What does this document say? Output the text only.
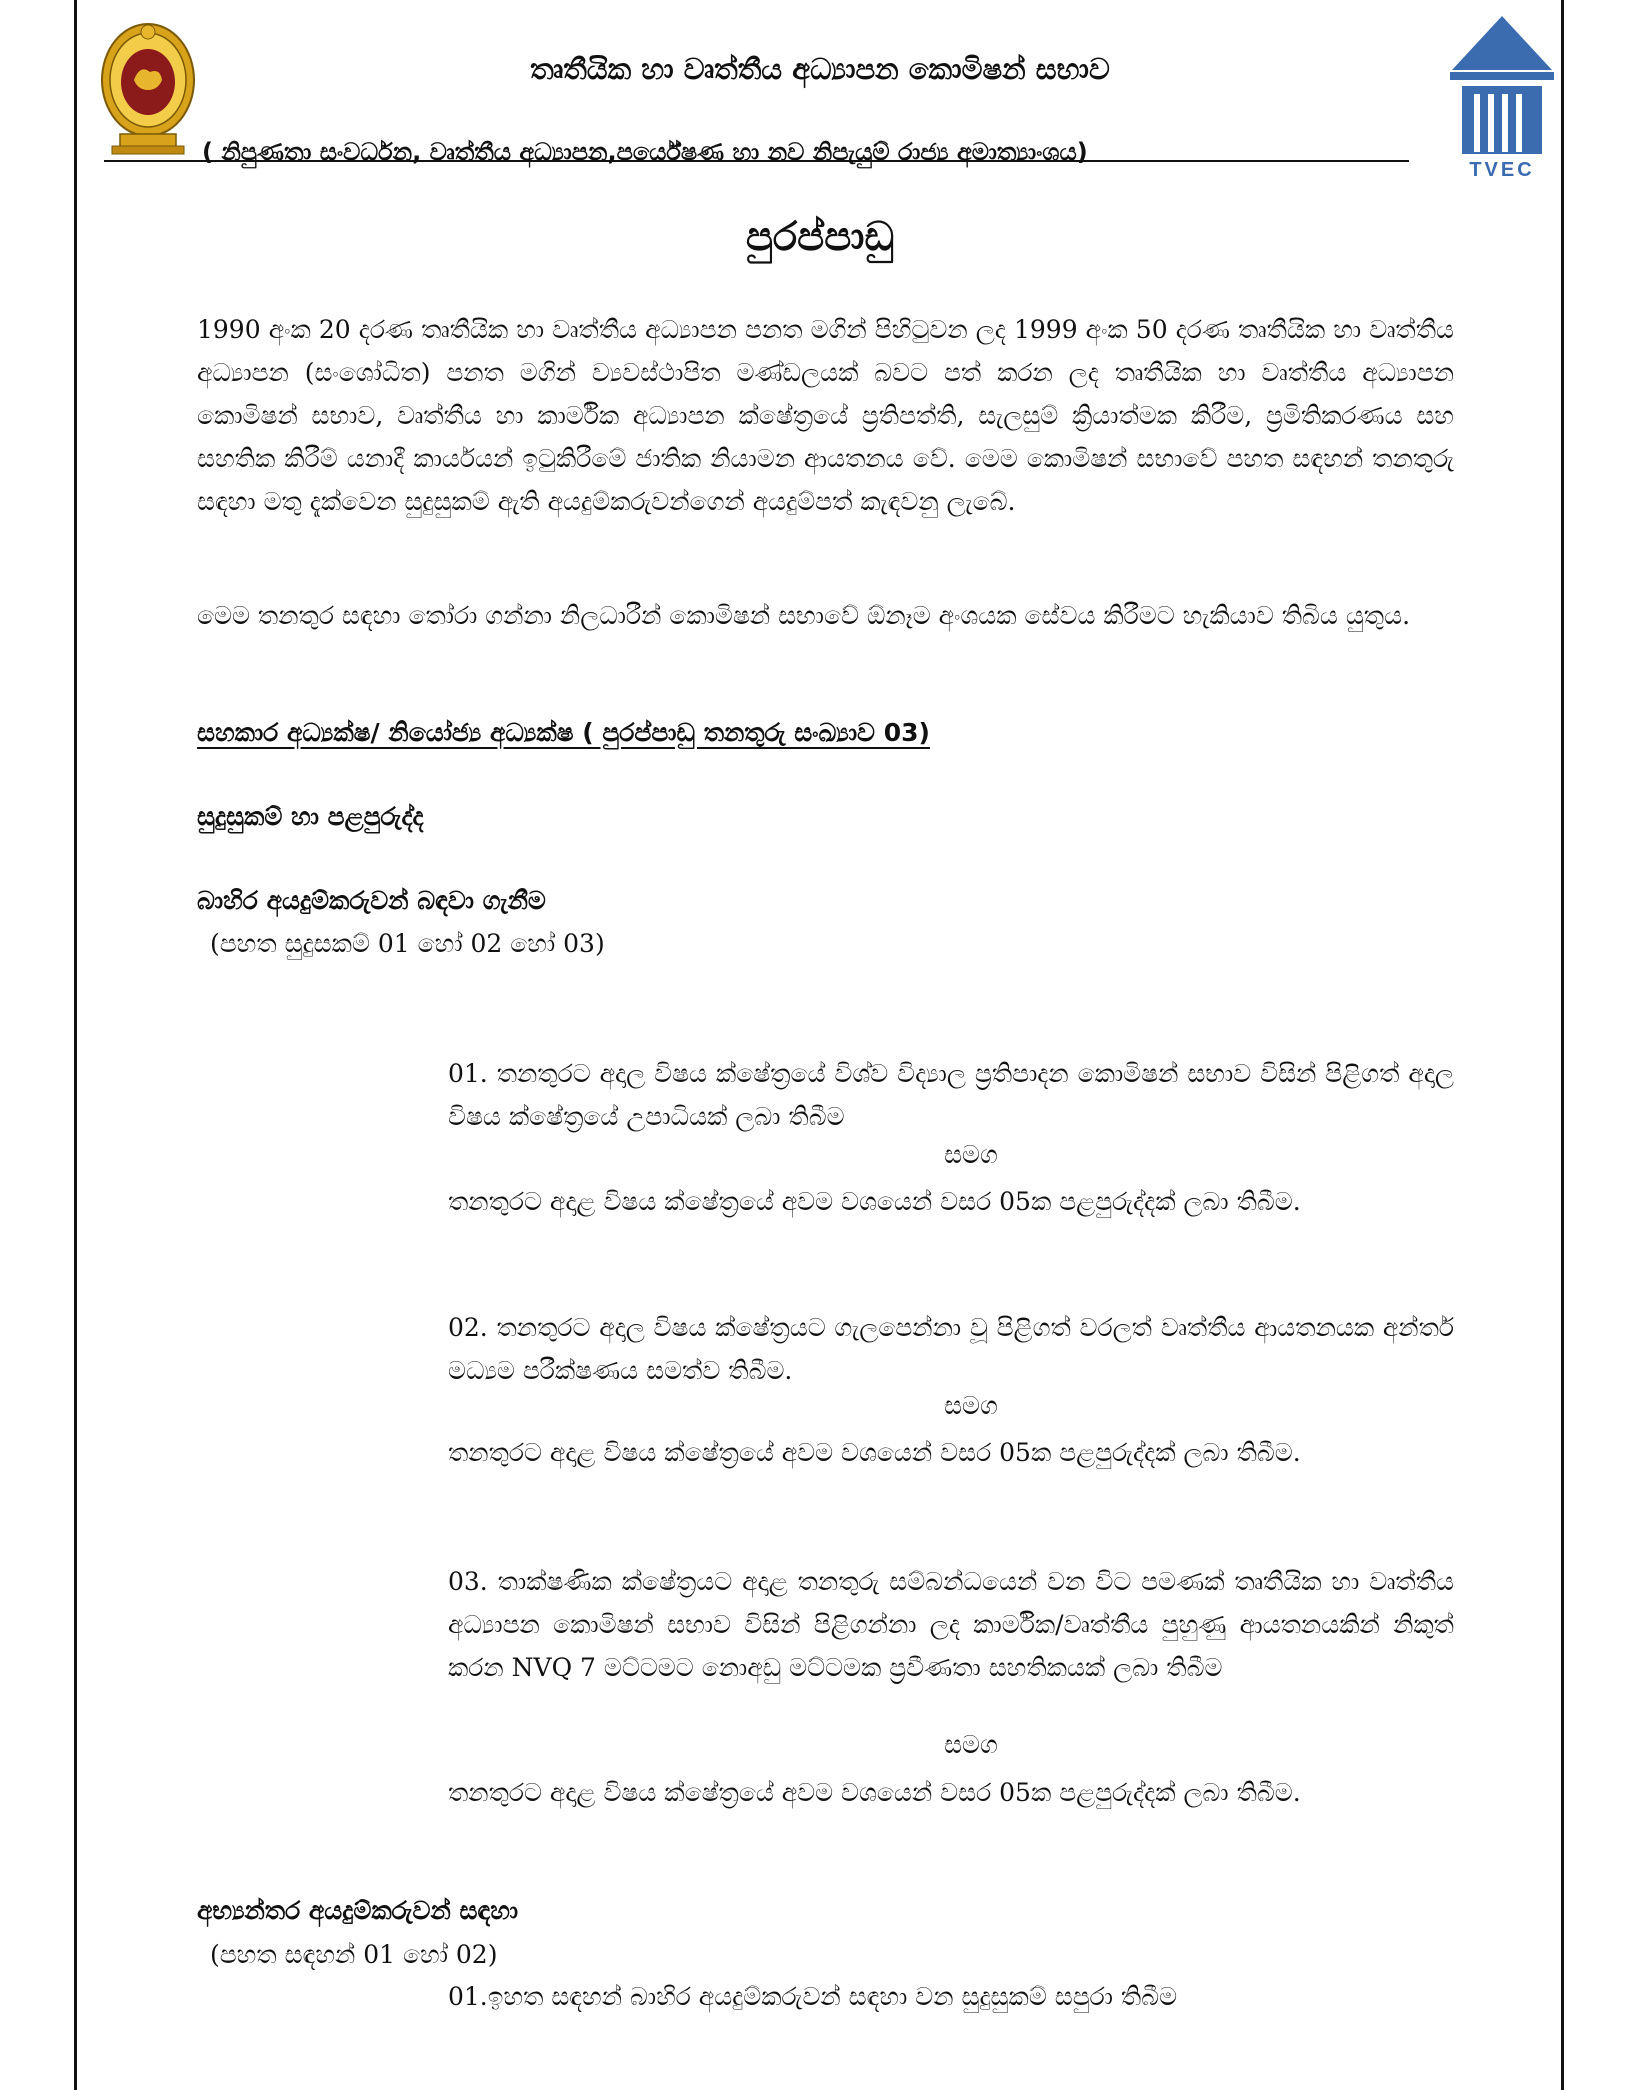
TVEC
තෘතීයික හා වෘත්තීය අධ්‍යාපන කොමිෂන් සභාව
( නිපුණතා සංවර්ධන, වෘත්තීය අධ්‍යාපන,පර්යේෂණ හා නව නිපැයුම් රාජ්‍ය අමාත්‍යාංශය)
පුරප්පාඩු

1990 අංක 20 දරණ තෘතීයික හා වෘත්තීය අධ්‍යාපන පනත මගින් පිහිටුවන ලද 1999 අංක 50 දරණ තෘතීයික හා වෘත්තීය අධ්‍යාපන (සංශෝධිත) පනත මගින් ව්‍යවස්ථාපිත මණ්ඩලයක් බවට පත් කරන ලද තෘතීයික හා වෘත්තීය අධ්‍යාපන කොමිෂන් සභාව, වෘත්තීය හා කාර්මික අධ්‍යාපන ක්ෂේත්‍රයේ ප්‍රතිපත්ති, සැලසුම් ක්‍රියාත්මක කිරීම, ප්‍රමිතිකරණය සහ සහතික කිරීම් යනාදී කාර්යයන් ඉටුකිරීමේ ජාතික නියාමන ආයතනය වේ. මෙම කොමිෂන් සභාවේ පහත සඳහන් තනතුරු සඳහා මතු දැක්වෙන සුදුසුකම් ඇති අයදුම්කරුවන්ගෙන් අයදුම්පත් කැඳවනු ලැබේ.

මෙම තනතුර සඳහා තෝරා ගන්නා නිලධාරීන් කොමිෂන් සභාවේ ඕනෑම අංශයක සේවය කිරීමට හැකියාව තිබිය යුතුය.

සහකාර අධ්‍යක්ෂ/ නියෝජ්‍ය අධ්‍යක්ෂ ( පුරප්පාඩු තනතුරු සංඛ්‍යාව 03)

සුදුසුකම් හා පළපුරුද්ද

බාහිර අයදුම්කරුවන් බඳවා ගැනීම

(පහත සුදුසකම් 01 හෝ 02 හෝ 03)

01. තනතුරට අදාල විෂය ක්ෂේත්‍රයේ විශ්ව විද්‍යාල ප්‍රතිපාදන කොමිෂන් සභාව විසින් පිළිගත් අදාල විෂය ක්ෂේත්‍රයේ උපාධියක් ලබා තිබීම

සමග

තනතුරට අදාළ විෂය ක්ෂේත්‍රයේ අවම වශයෙන් වසර 05ක පළපුරුද්දක් ලබා තිබීම.

02. තනතුරට අදාල විෂය ක්ෂේත්‍රයට ගැලපෙන්නා වූ පිළිගත් වරලත් වෘත්තීය ආයතනයක අන්තර් මධ්‍යම පරීක්ෂණය සමත්ව තිබීම.

සමග

තනතුරට අදාළ විෂය ක්ෂේත්‍රයේ අවම වශයෙන් වසර 05ක පළපුරුද්දක් ලබා තිබීම.

03. තාක්ෂණික ක්ෂේත්‍රයට අදාළ තනතුරු සම්බන්ධයෙන් වන විට පමණක් තෘතීයික හා වෘත්තීය අධ්‍යාපන කොමිෂන් සභාව විසින් පිළිගන්නා ලද කාර්මික/වෘත්තීය පුහුණු ආයතනයකින් නිකුත් කරන NVQ 7 මට්ටමට නොඅඩු මට්ටමක ප්‍රවීණතා සහතිකයක් ලබා තිබීම

සමග

තනතුරට අදාළ විෂය ක්ෂේත්‍රයේ අවම වශයෙන් වසර 05ක පළපුරුද්දක් ලබා තිබීම.

අභ්‍යන්තර අයදුම්කරුවන් සඳහා

(පහත සඳහන් 01 හෝ 02)

01.ඉහත සඳහන් බාහිර අයදුම්කරුවන් සඳහා වන සුදුසුකම් සපුරා තිබීම
